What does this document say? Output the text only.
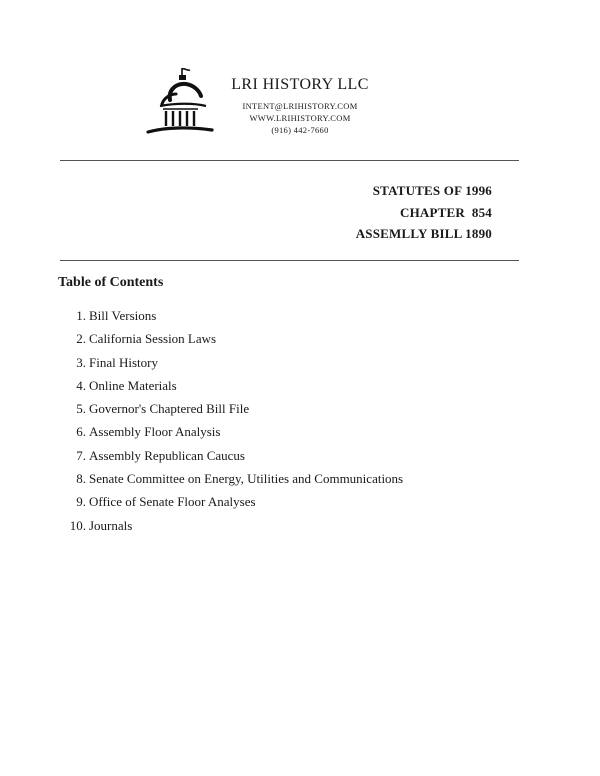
LRI HISTORY LLC
INTENT@LRIHISTORY.COM
WWW.LRIHISTORY.COM
(916) 442-7660
STATUTES OF 1996
CHAPTER  854
ASSEMLLY BILL 1890
Table of Contents
1. Bill Versions
2. California Session Laws
3. Final History
4. Online Materials
5. Governor's Chaptered Bill File
6. Assembly Floor Analysis
7. Assembly Republican Caucus
8. Senate Committee on Energy, Utilities and Communications
9. Office of Senate Floor Analyses
10. Journals
